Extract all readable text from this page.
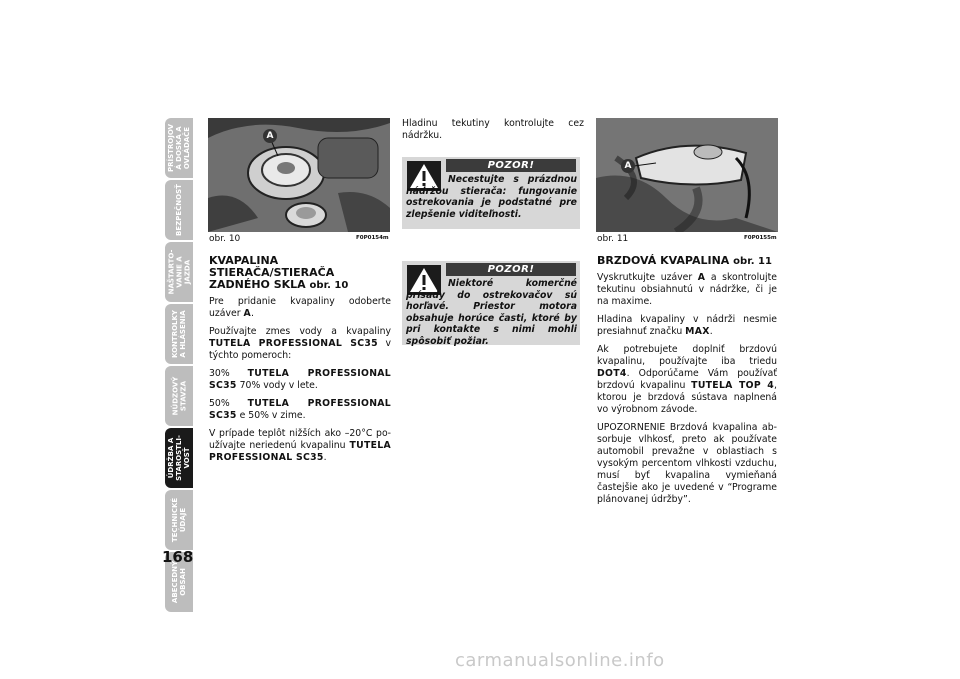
PRÍSTROJOV
Á DOSKA A
OVLÁDAČE
BEZPEČNOSŤ
NAŠTARTO-
VANIE A
JAZDA
KONTROLKY
A HLÁSENIA
NÚDZOVÝ
STAVZA
ÚDRŽBA A
STAROSTLI-
VOSŤ
TECHNICKÉ
ÚDAJE
ABECEDNÝ
OBSAH
168
A
obr. 10	F0P0154m
KVAPALINA STIERAČA/STIERAČA ZADNÉHO SKLA obr. 10

Pre pridanie kvapaliny odoberte uzáver A.

Používajte zmes vody a kvapaliny TUTELA PROFESSIONAL SC35 v týchto pomeroch:

30% TUTELA PROFESSIONAL SC35 70% vody v lete.

50% TUTELA PROFESSIONAL SC35 e 50% v zime.

V prípade teplôt nižších ako –20°C používajte neriedenú kvapalinu TUTELA PROFESSIONAL SC35.

Hladinu tekutiny kontrolujte cez nádržku.

POZOR!
Necestujte s prázdnou nádržou stierača: fungovanie ostrekovania je podstatné pre zlepšenie viditeľnosti.
POZOR!
Niektoré komerčné prísady do ostrekovačov sú horľavé. Priestor motora obsahuje horúce časti, ktoré by pri kontakte s nimi mohli spôsobiť požiar.
A
obr. 11	F0P0155m
BRZDOVÁ KVAPALINA obr. 11

Vyskrutkujte uzáver A a skontrolujte tekutinu obsiahnutú v nádržke, či je na maxime.

Hladina kvapaliny v nádrži nesmie presiahnuť značku MAX.

Ak potrebujete doplniť brzdovú kvapalinu, používajte iba triedu DOT4. Odporúčame Vám používať brzdovú kvapalinu TUTELA TOP 4, ktorou je brzdová sústava naplnená vo výrobnom závode.

UPOZORNENIE Brzdová kvapalina absorbuje vlhkosť, preto ak používate automobil prevažne v oblastiach s vysokým percentom vlhkosti vzduchu, musí byť kvapalina vymieňaná častejšie ako je uvedené v “Programe plánovanej údržby”.

carmanualsonline.info
